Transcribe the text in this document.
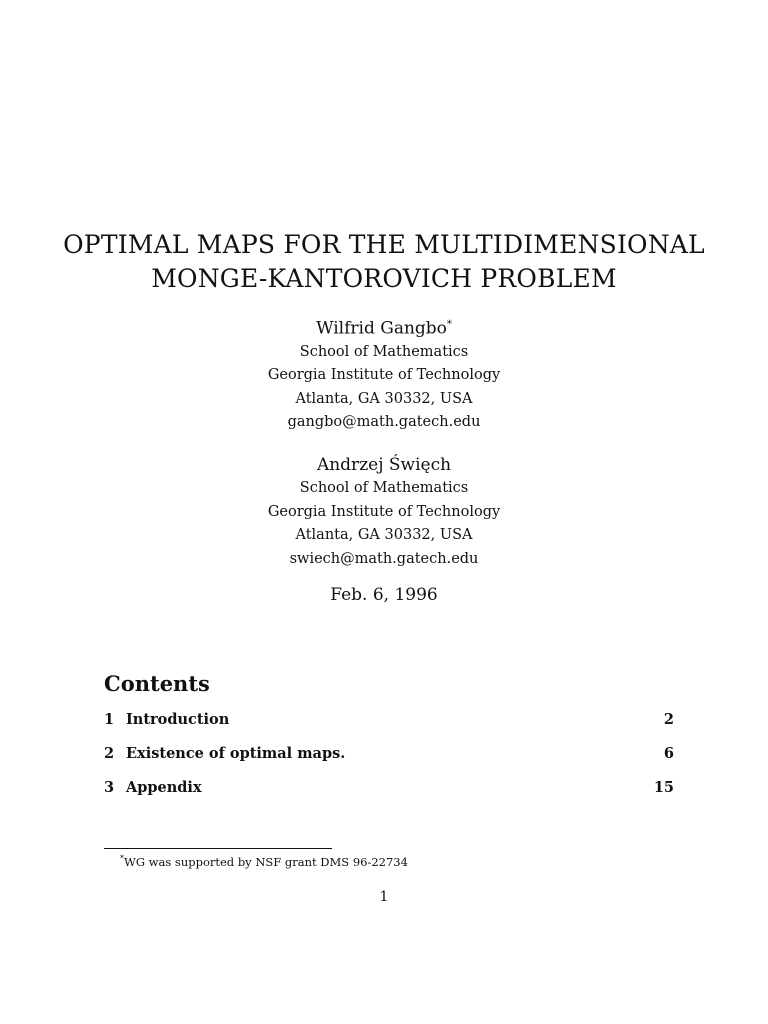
OPTIMAL MAPS FOR THE MULTIDIMENSIONAL
MONGE-KANTOROVICH PROBLEM
Wilfrid Gangbo*
School of Mathematics
Georgia Institute of Technology
Atlanta, GA 30332, USA
gangbo@math.gatech.edu
Andrzej Święch
School of Mathematics
Georgia Institute of Technology
Atlanta, GA 30332, USA
swiech@math.gatech.edu
Feb. 6, 1996
Contents
1 Introduction	2
2 Existence of optimal maps.	6
3 Appendix	15
*WG was supported by NSF grant DMS 96-22734
1
